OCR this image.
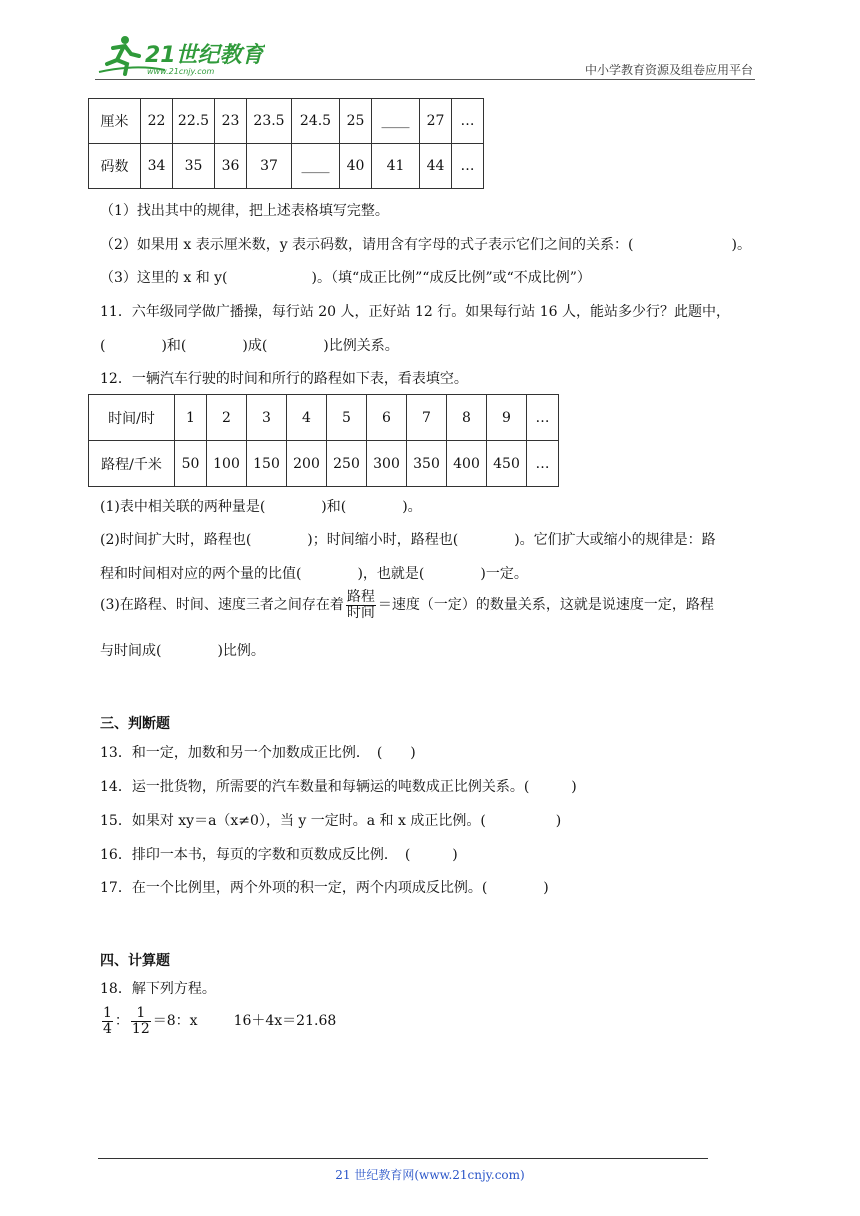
21世纪教育
www.21cnjy.com	中小学教育资源及组卷应用平台
厘米	22	22.5	23	23.5	24.5	25	____	27	…
码数	34	35	36	37	____	40	41	44	…
（1）找出其中的规律，把上述表格填写完整。
（2）如果用 x 表示厘米数，y 表示码数，请用含有字母的式子表示它们之间的关系：(　　　　　　　)。
（3）这里的 x 和 y(　　　　　　)。（填“成正比例”“成反比例”或“不成比例”）
11．六年级同学做广播操，每行站 20 人，正好站 12 行。如果每行站 16 人，能站多少行？此题中，
(　　　　)和(　　　　)成(　　　　)比例关系。
12．一辆汽车行驶的时间和所行的路程如下表，看表填空。
时间/时	1	2	3	4	5	6	7	8	9	…
路程/千米	50	100	150	200	250	300	350	400	450	…
(1)表中相关联的两种量是(　　　　)和(　　　　)。
(2)时间扩大时，路程也(　　　　)；时间缩小时，路程也(　　　　)。它们扩大或缩小的规律是：路
程和时间相对应的两个量的比值(　　　　)，也就是(　　　　)一定。
(3)在路程、时间、速度三者之间存在着 $\frac{\text{路程}}{\text{时间}}$ ＝速度（一定）的数量关系，这就是说速度一定，路程
与时间成(　　　　)比例。
三、判断题
13．和一定，加数和另一个加数成正比例．　(　　)
14．运一批货物，所需要的汽车数量和每辆运的吨数成正比例关系。(　　　)
15．如果对 xy＝a（x≠0），当 y 一定时。a 和 x 成正比例。(　　　　　)
16．排印一本书，每页的字数和页数成反比例．　(　　　)
17．在一个比例里，两个外项的积一定，两个内项成反比例。(　　　　)
四、计算题
18．解下列方程。
$\frac{1}{4}$ ： $\frac{1}{12} =8$：x	16＋4x＝21.68
21 世纪教育网(www.21cnjy.com)
